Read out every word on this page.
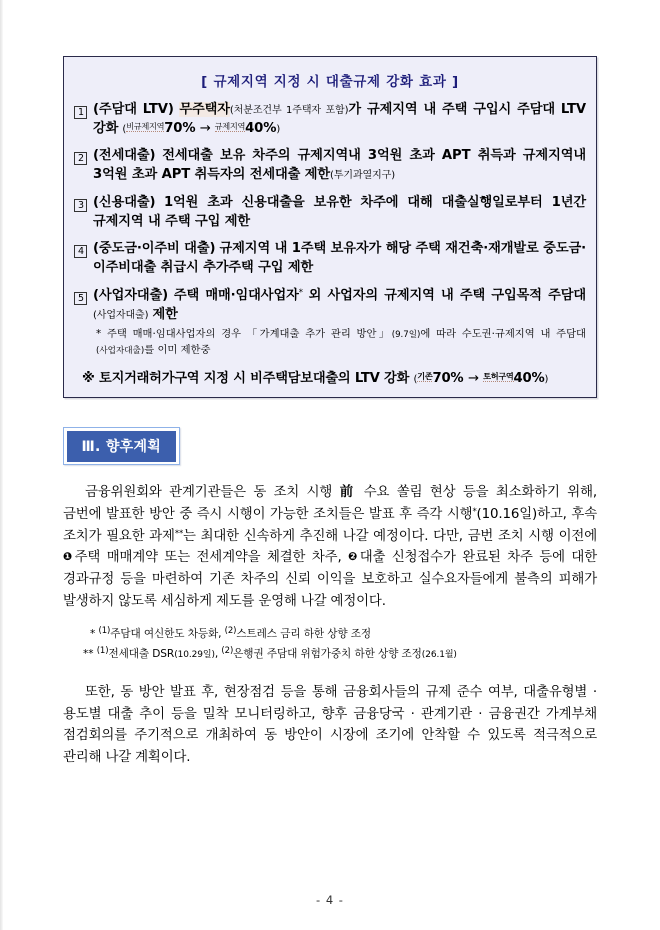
[ 규제지역 지정 시 대출규제 강화 효과 ]
1 (주담대 LTV) 무주택자(처분조건부 1주택자 포함)가 규제지역 내 주택 구입시 주담대 LTV 강화 ($^{비규제지역}$70% → $^{규제지역}$40%)
2 (전세대출) 전세대출 보유 차주의 규제지역내 3억원 초과 APT 취득과 규제지역내 3억원 초과 APT 취득자의 전세대출 제한(투기과열지구)
3 (신용대출) 1억원 초과 신용대출을 보유한 차주에 대해 대출실행일로부터 1년간 규제지역 내 주택 구입 제한
4 (중도금·이주비 대출) 규제지역 내 1주택 보유자가 해당 주택 재건축·재개발로 중도금·이주비대출 취급시 추가주택 구입 제한
5 (사업자대출) 주택 매매·임대사업자* 외 사업자의 규제지역 내 주택 구입목적 주담대(사업자대출) 제한
* 주택 매매·임대사업자의 경우 「가계대출 추가 관리 방안」(9.7일)에 따라 수도권·규제지역 내 주담대 (사업자대출)를 이미 제한중
※ 토지거래허가구역 지정 시 비주택담보대출의 LTV 강화 ($^{기존}$70% → $^{토허구역}$40%)
Ⅲ. 향후계획
금융위원회와 관계기관들은 동 조치 시행 前 수요 쏠림 현상 등을 최소화하기 위해, 금번에 발표한 방안 중 즉시 시행이 가능한 조치들은 발표 후 즉각 시행*(10.16일)하고, 후속 조치가 필요한 과제**는 최대한 신속하게 추진해 나갈 예정이다. 다만, 금번 조치 시행 이전에 ❶주택 매매계약 또는 전세계약을 체결한 차주, ❷대출 신청접수가 완료된 차주 등에 대한 경과규정 등을 마련하여 기존 차주의 신뢰 이익을 보호하고 실수요자들에게 불측의 피해가 발생하지 않도록 세심하게 제도를 운영해 나갈 예정이다.
* $^{(1)}$주담대 여신한도 차등화, $^{(2)}$스트레스 금리 하한 상향 조정
** $^{(1)}$전세대출 DSR(10.29일), $^{(2)}$은행권 주담대 위험가중치 하한 상향 조정(26.1월)
또한, 동 방안 발표 후, 현장점검 등을 통해 금융회사들의 규제 준수 여부, 대출유형별 · 용도별 대출 추이 등을 밀착 모니터링하고, 향후 금융당국 · 관계기관 · 금융권간 가계부채 점검회의를 주기적으로 개최하여 동 방안이 시장에 조기에 안착할 수 있도록 적극적으로 관리해 나갈 계획이다.
- 4 -
